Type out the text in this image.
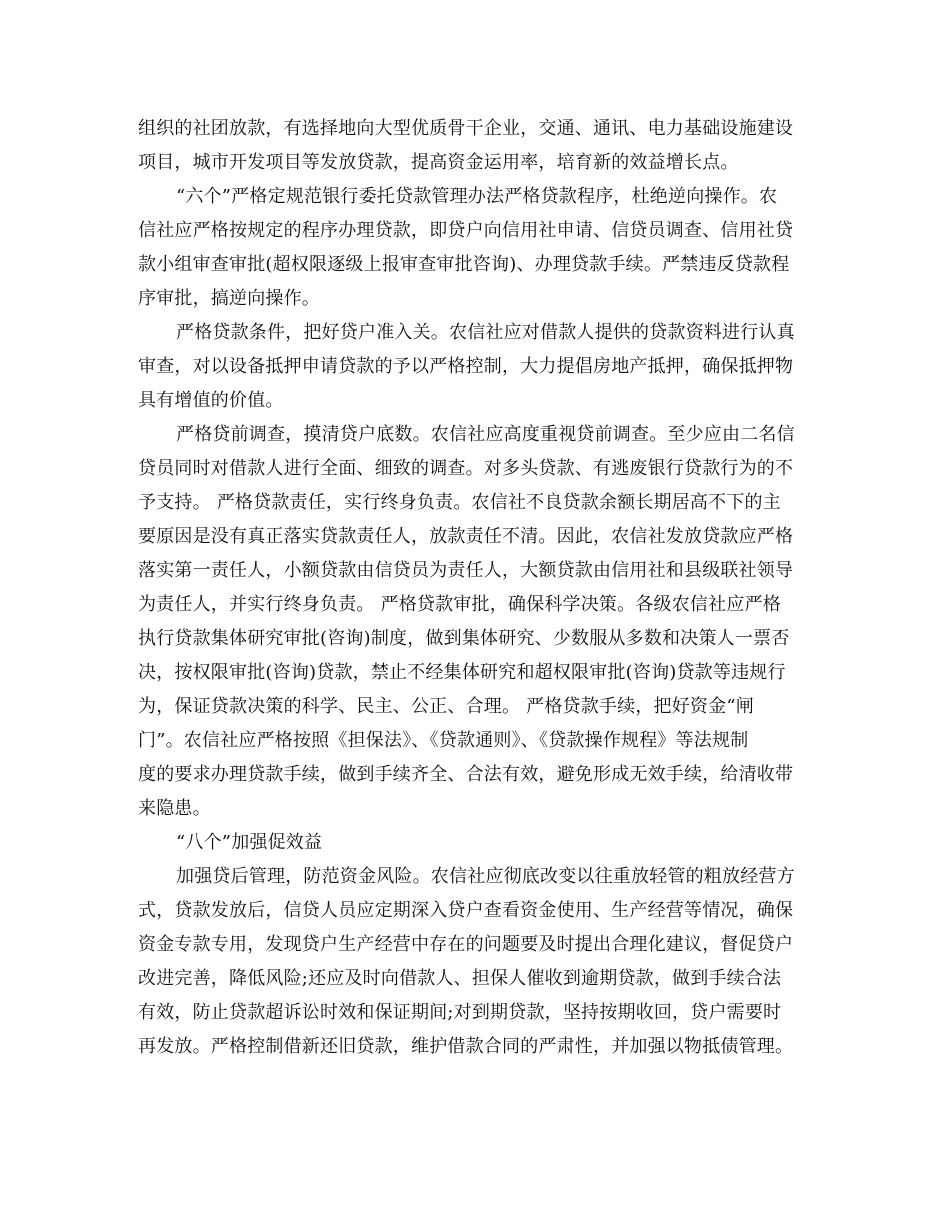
组织的社团放款，有选择地向大型优质骨干企业，交通、通讯、电力基础设施建设
项目，城市开发项目等发放贷款，提高资金运用率，培育新的效益增长点。
“六个”严格定规范银行委托贷款管理办法严格贷款程序，杜绝逆向操作。农
信社应严格按规定的程序办理贷款，即贷户向信用社申请、信贷员调查、信用社贷
款小组审查审批(超权限逐级上报审查审批咨询)、办理贷款手续。严禁违反贷款程
序审批，搞逆向操作。
严格贷款条件，把好贷户准入关。农信社应对借款人提供的贷款资料进行认真
审查，对以设备抵押申请贷款的予以严格控制，大力提倡房地产抵押，确保抵押物
具有增值的价值。
严格贷前调查，摸清贷户底数。农信社应高度重视贷前调查。至少应由二名信
贷员同时对借款人进行全面、细致的调查。对多头贷款、有逃废银行贷款行为的不
予支持。 严格贷款责任，实行终身负责。农信社不良贷款余额长期居高不下的主
要原因是没有真正落实贷款责任人，放款责任不清。因此，农信社发放贷款应严格
落实第一责任人，小额贷款由信贷员为责任人，大额贷款由信用社和县级联社领导
为责任人，并实行终身负责。 严格贷款审批，确保科学决策。各级农信社应严格
执行贷款集体研究审批(咨询)制度，做到集体研究、少数服从多数和决策人一票否
决，按权限审批(咨询)贷款，禁止不经集体研究和超权限审批(咨询)贷款等违规行
为，保证贷款决策的科学、民主、公正、合理。 严格贷款手续，把好资金“闸
门”。农信社应严格按照《担保法》、《贷款通则》、《贷款操作规程》等法规制
度的要求办理贷款手续，做到手续齐全、合法有效，避免形成无效手续，给清收带
来隐患。
“八个”加强促效益
加强贷后管理，防范资金风险。农信社应彻底改变以往重放轻管的粗放经营方
式，贷款发放后，信贷人员应定期深入贷户查看资金使用、生产经营等情况，确保
资金专款专用，发现贷户生产经营中存在的问题要及时提出合理化建议，督促贷户
改进完善，降低风险;还应及时向借款人、担保人催收到逾期贷款，做到手续合法
有效，防止贷款超诉讼时效和保证期间;对到期贷款，坚持按期收回，贷户需要时
再发放。严格控制借新还旧贷款，维护借款合同的严肃性，并加强以物抵债管理。
